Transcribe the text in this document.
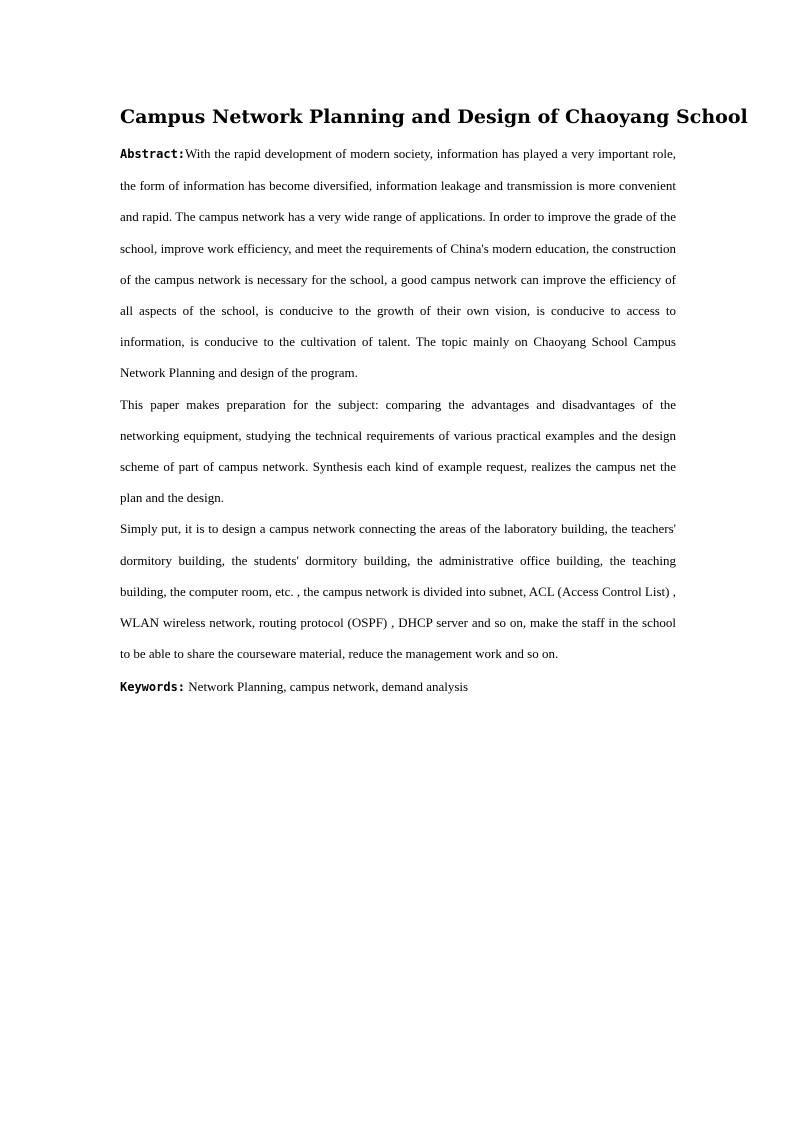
Campus Network Planning and Design of Chaoyang School

Abstract:With the rapid development of modern society, information has played a very important role, the form of information has become diversified, information leakage and transmission is more convenient and rapid. The campus network has a very wide range of applications. In order to improve the grade of the school, improve work efficiency, and meet the requirements of China's modern education, the construction of the campus network is necessary for the school, a good campus network can improve the efficiency of all aspects of the school, is conducive to the growth of their own vision, is conducive to access to information, is conducive to the cultivation of talent. The topic mainly on Chaoyang School Campus Network Planning and design of the program.

This paper makes preparation for the subject: comparing the advantages and disadvantages of the networking equipment, studying the technical requirements of various practical examples and the design scheme of part of campus network. Synthesis each kind of example request, realizes the campus net the plan and the design.

Simply put, it is to design a campus network connecting the areas of the laboratory building, the teachers' dormitory building, the students' dormitory building, the administrative office building, the teaching building, the computer room, etc. , the campus network is divided into subnet, ACL (Access Control List) , WLAN wireless network, routing protocol (OSPF) , DHCP server and so on, make the staff in the school to be able to share the courseware material, reduce the management work and so on.

Keywords: Network Planning, campus network, demand analysis
